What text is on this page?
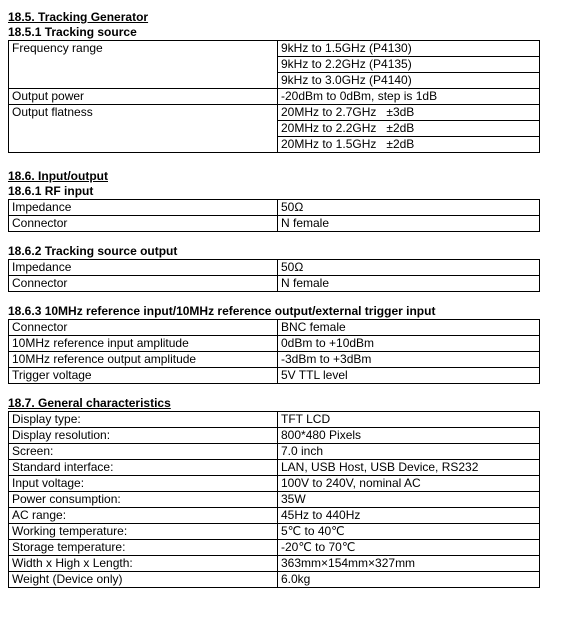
18.5. Tracking Generator
18.5.1 Tracking source
Frequency range	9kHz to 1.5GHz (P4130)
	9kHz to 2.2GHz (P4135)
	9kHz to 3.0GHz (P4140)
Output power	-20dBm to 0dBm, step is 1dB
Output flatness	20MHz to 2.7GHz   ±3dB
	20MHz to 2.2GHz   ±2dB
	20MHz to 1.5GHz   ±2dB
18.6. Input/output
18.6.1 RF input
Impedance	50Ω
Connector	N female
18.6.2 Tracking source output
Impedance	50Ω
Connector	N female
18.6.3 10MHz reference input/10MHz reference output/external trigger input
Connector	BNC female
10MHz reference input amplitude	0dBm to +10dBm
10MHz reference output amplitude	-3dBm to +3dBm
Trigger voltage	5V TTL level
18.7. General characteristics
Display type:	TFT LCD
Display resolution:	800*480 Pixels
Screen:	7.0 inch
Standard interface:	LAN, USB Host, USB Device, RS232
Input voltage:	100V to 240V, nominal AC
Power consumption:	35W
AC range:	45Hz to 440Hz
Working temperature:	5℃ to 40℃
Storage temperature:	-20℃ to 70℃
Width x High x Length:	363mm×154mm×327mm
Weight (Device only)	6.0kg
